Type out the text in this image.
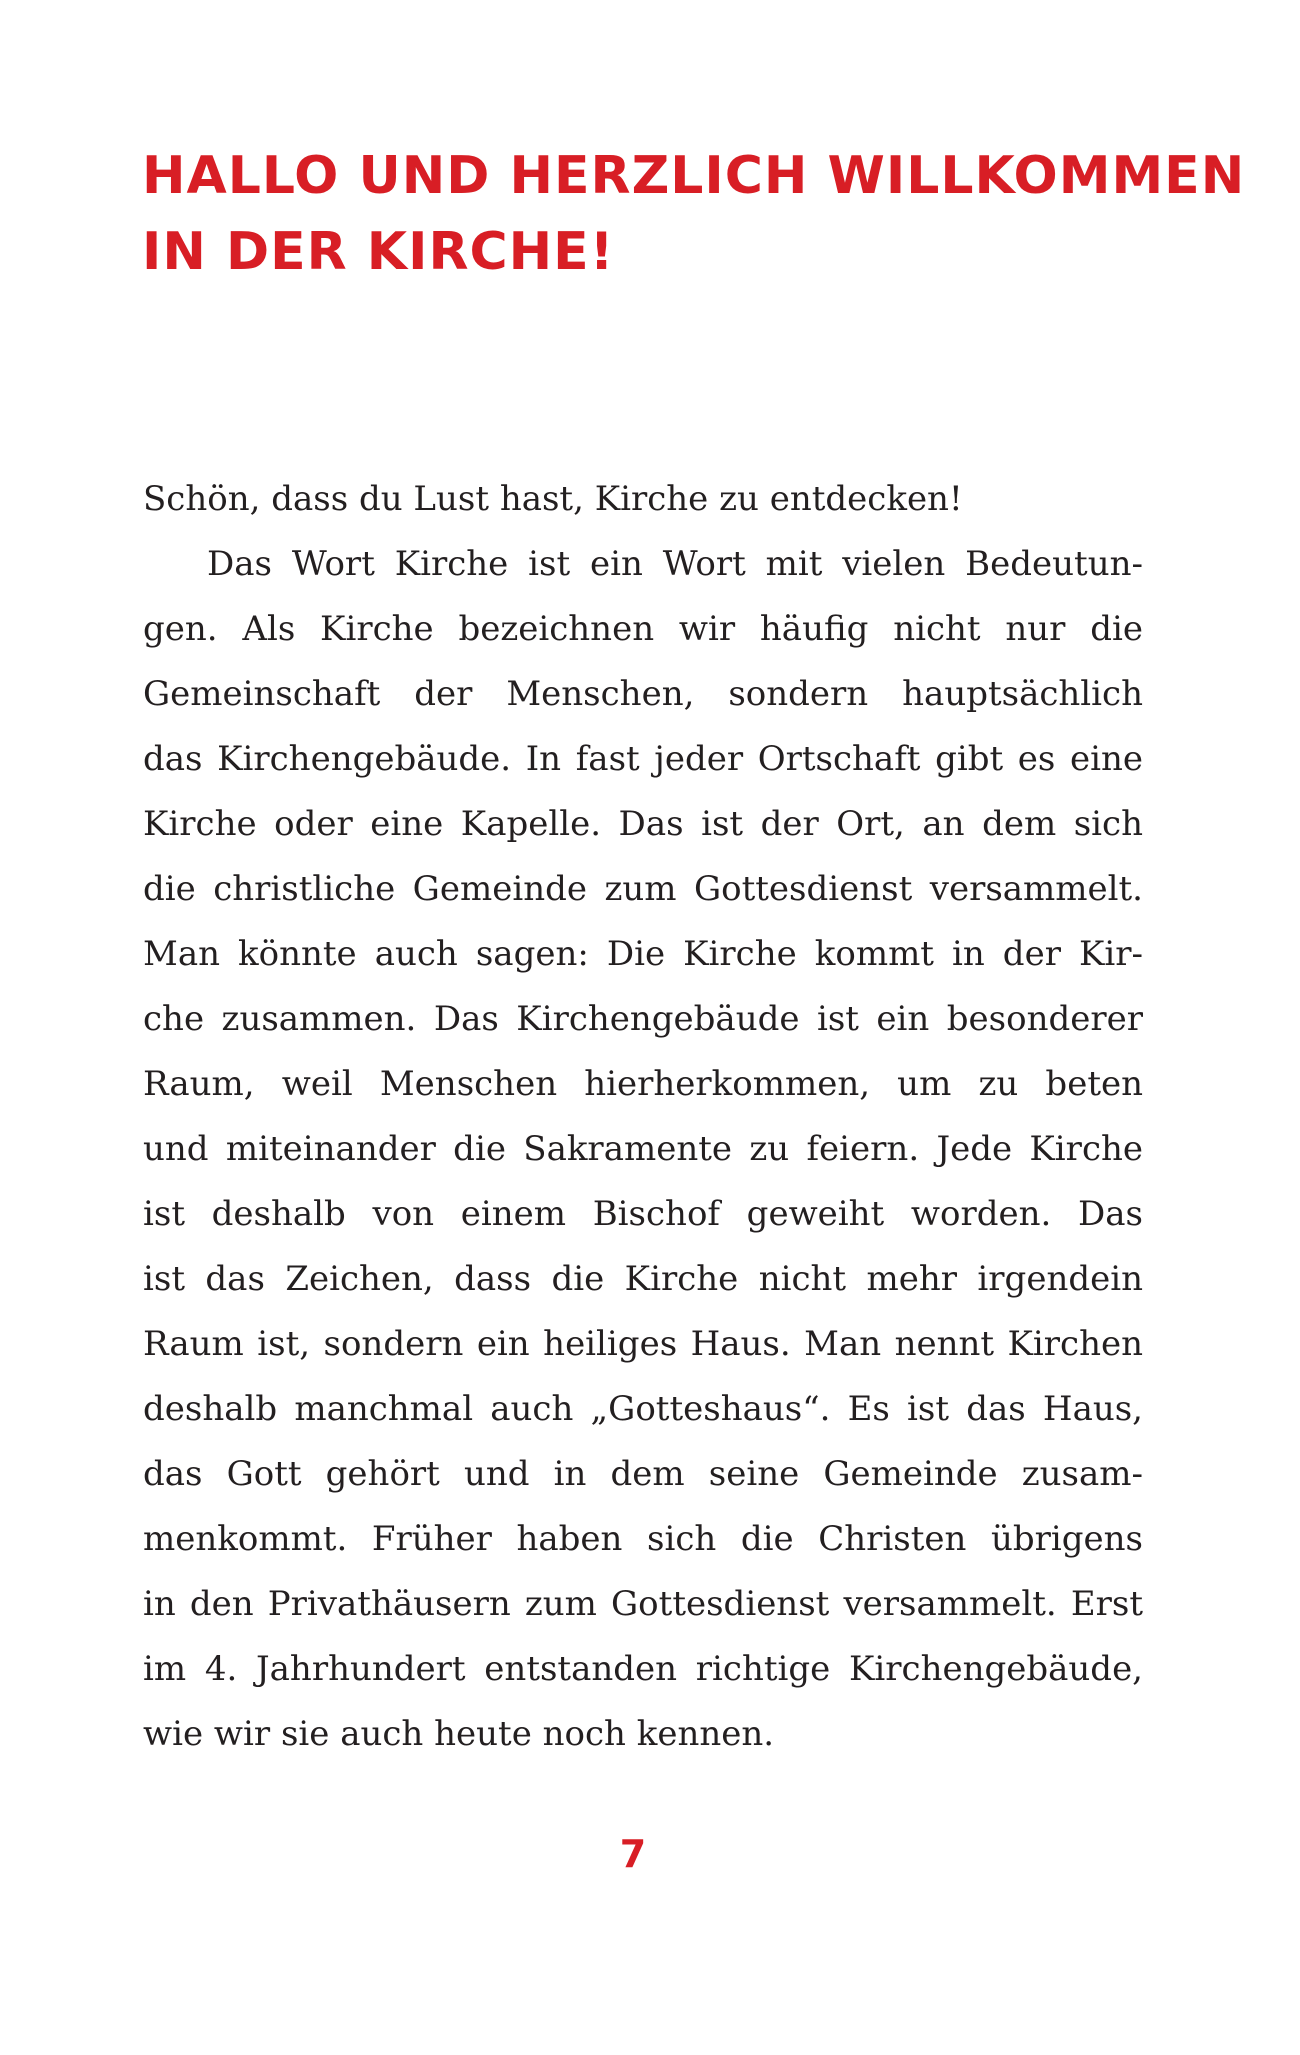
HALLO UND HERZLICH WILLKOMMEN
IN DER KIRCHE!
Schön, dass du Lust hast, Kirche zu entdecken!
Das Wort Kirche ist ein Wort mit vielen Bedeutun-
gen. Als Kirche bezeichnen wir häufig nicht nur die
Gemeinschaft der Menschen, sondern hauptsächlich
das Kirchengebäude. In fast jeder Ortschaft gibt es eine
Kirche oder eine Kapelle. Das ist der Ort, an dem sich
die christliche Gemeinde zum Gottesdienst versammelt.
Man könnte auch sagen: Die Kirche kommt in der Kir-
che zusammen. Das Kirchengebäude ist ein besonderer
Raum, weil Menschen hierherkommen, um zu beten
und miteinander die Sakramente zu feiern. Jede Kirche
ist deshalb von einem Bischof geweiht worden. Das
ist das Zeichen, dass die Kirche nicht mehr irgendein
Raum ist, sondern ein heiliges Haus. Man nennt Kirchen
deshalb manchmal auch „Gotteshaus“. Es ist das Haus,
das Gott gehört und in dem seine Gemeinde zusam-
menkommt. Früher haben sich die Christen übrigens
in den Privathäusern zum Gottesdienst versammelt. Erst
im 4. Jahrhundert entstanden richtige Kirchengebäude,
wie wir sie auch heute noch kennen.
7
